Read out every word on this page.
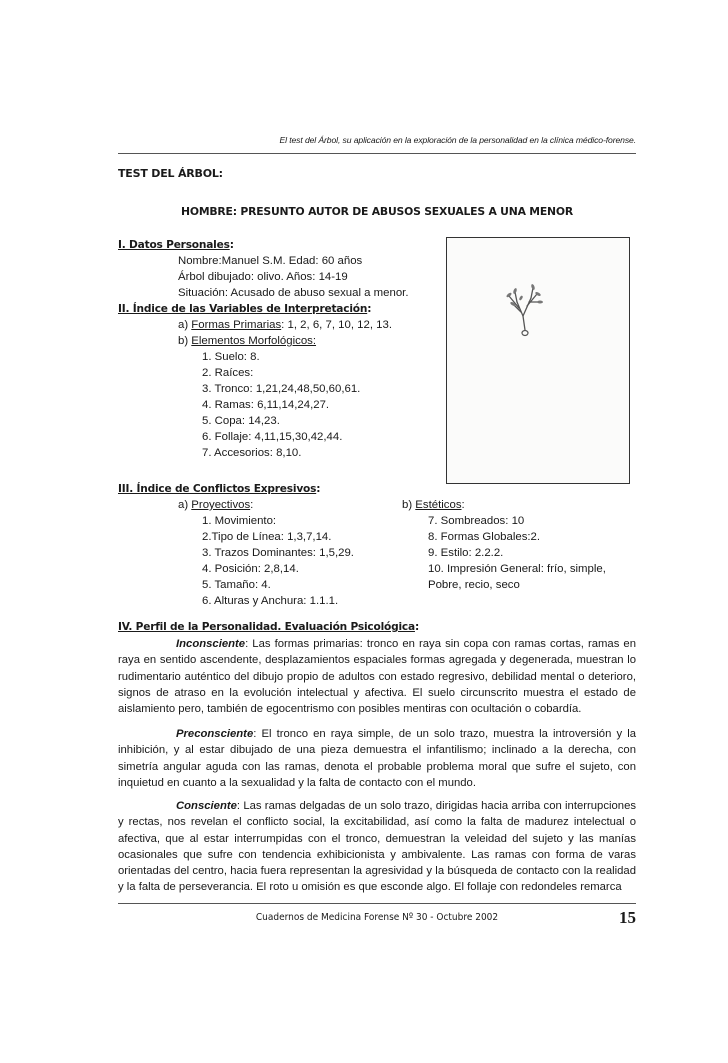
El test del Árbol, su aplicación en la exploración de la personalidad en la clínica médico-forense.
TEST DEL ÁRBOL:
HOMBRE: PRESUNTO AUTOR DE ABUSOS SEXUALES A UNA MENOR
I. Datos Personales:
Nombre:Manuel S.M. Edad: 60 años
Árbol dibujado: olivo. Años: 14-19
Situación: Acusado de abuso sexual a menor.
II. Índice de las Variables de Interpretación:
a) Formas Primarias: 1, 2, 6, 7, 10, 12, 13.
b) Elementos Morfológicos:
1. Suelo: 8.
2. Raíces:
3. Tronco: 1,21,24,48,50,60,61.
4. Ramas: 6,11,14,24,27.
5. Copa: 14,23.
6. Follaje: 4,11,15,30,42,44.
7. Accesorios: 8,10.
III. Índice de Conflictos Expresivos:
a) Proyectivos:	b) Estéticos:
1. Movimiento:
2.Tipo de Línea: 1,3,7,14.
3. Trazos Dominantes: 1,5,29.
4. Posición: 2,8,14.
5. Tamaño: 4.
6. Alturas y Anchura: 1.1.1.
7. Sombreados: 10
8. Formas Globales:2.
9. Estilo: 2.2.2.
10. Impresión General: frío, simple,
Pobre, recio, seco
IV. Perfil de la Personalidad. Evaluación Psicológica:
Inconsciente: Las formas primarias: tronco en raya sin copa con ramas cortas, ramas en raya en sentido ascendente, desplazamientos espaciales formas agregada y degenerada, muestran lo rudimentario auténtico del dibujo propio de adultos con estado regresivo, debilidad mental o deterioro, signos de atraso en la evolución intelectual y afectiva. El suelo circunscrito muestra el estado de aislamiento pero, también de egocentrismo con posibles mentiras con ocultación o cobardía.
Preconsciente: El tronco en raya simple, de un solo trazo, muestra la introversión y la inhibición, y al estar dibujado de una pieza demuestra el infantilismo; inclinado a la derecha, con simetría angular aguda con las ramas, denota el probable problema moral que sufre el sujeto, con inquietud en cuanto a la sexualidad y la falta de contacto con el mundo.
Consciente: Las ramas delgadas de un solo trazo, dirigidas hacia arriba con interrupciones y rectas, nos revelan el conflicto social, la excitabilidad, así como la falta de madurez intelectual o afectiva, que al estar interrumpidas con el tronco, demuestran la veleidad del sujeto y las manías ocasionales que sufre con tendencia exhibicionista y ambivalente. Las ramas con forma de varas orientadas del centro, hacia fuera representan la agresividad y la búsqueda de contacto con la realidad y la falta de perseverancia. El roto u omisión es que esconde algo. El follaje con redondeles remarca
Cuadernos de Medicina Forense Nº 30 - Octubre 2002	15
